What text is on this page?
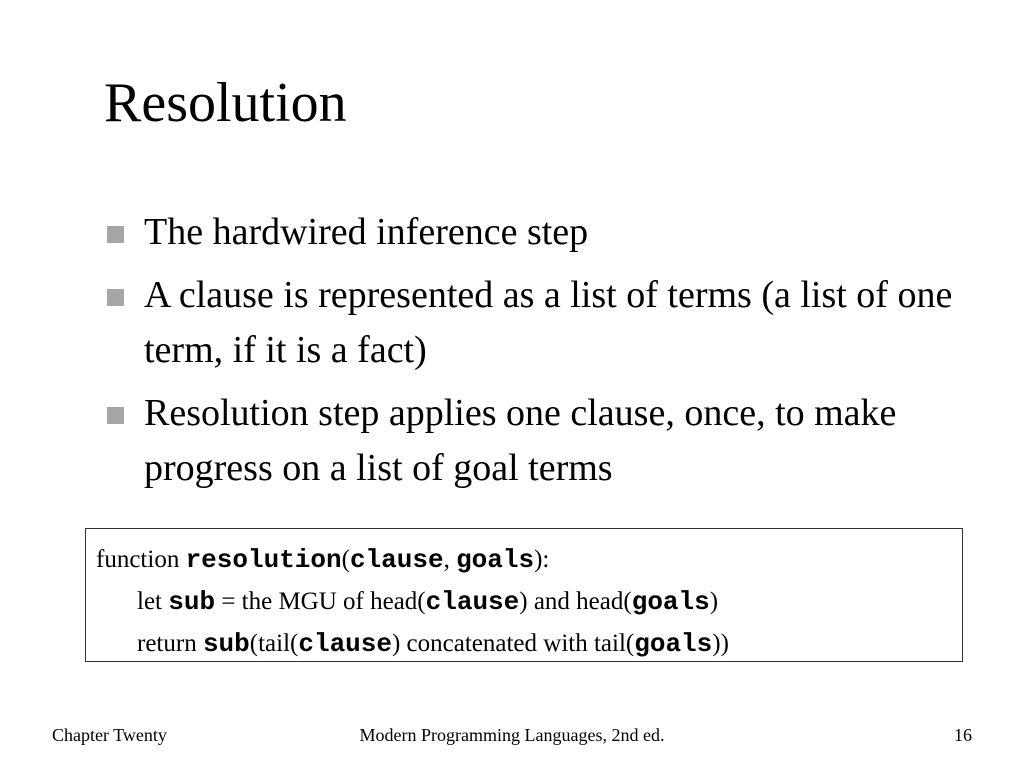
Resolution
The hardwired inference step
A clause is represented as a list of terms (a list of one term, if it is a fact)
Resolution step applies one clause, once, to make progress on a list of goal terms
function resolution(clause, goals):
let sub = the MGU of head(clause) and head(goals)
return sub(tail(clause) concatenated with tail(goals))
Modern Programming Languages, 2nd ed.
Chapter Twenty	16
